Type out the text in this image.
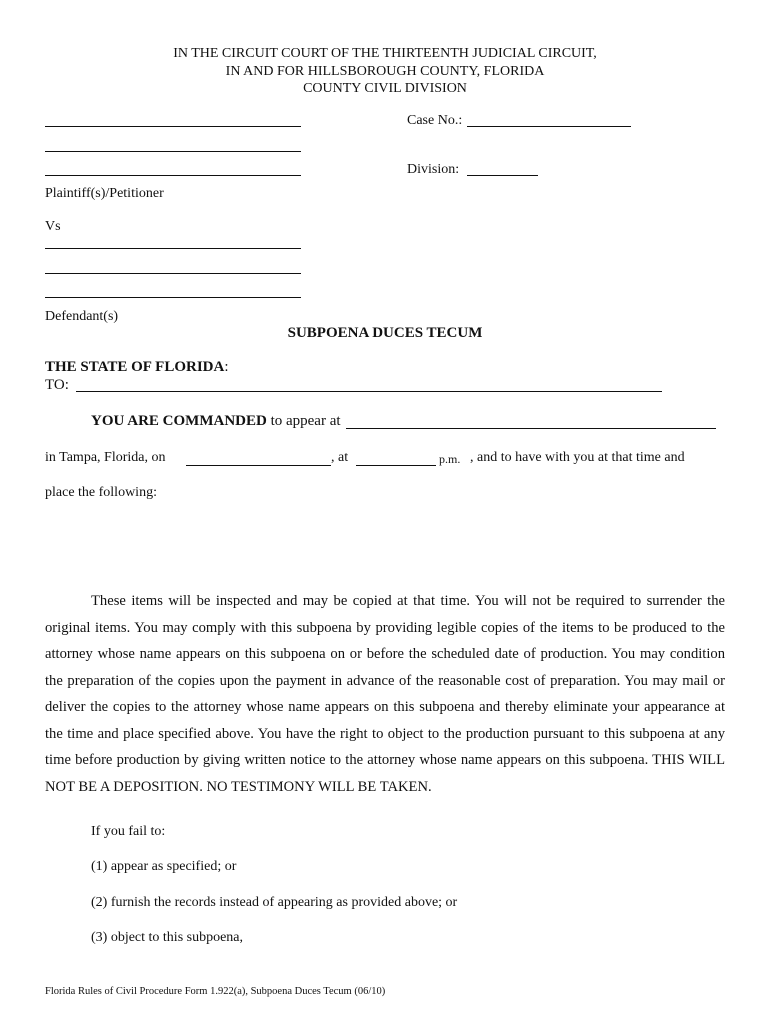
IN THE CIRCUIT COURT OF THE THIRTEENTH JUDICIAL CIRCUIT,
IN AND FOR HILLSBOROUGH COUNTY, FLORIDA
COUNTY CIVIL DIVISION
Case No.:
Division:
Plaintiff(s)/Petitioner
Vs
Defendant(s)
SUBPOENA DUCES TECUM
THE STATE OF FLORIDA:
TO:
YOU ARE COMMANDED to appear at
in Tampa, Florida, on	, at	p.m. , and to have with you at that time and
place the following:
These items will be inspected and may be copied at that time. You will not be required to surrender the original items. You may comply with this subpoena by providing legible copies of the items to be produced to the attorney whose name appears on this subpoena on or before the scheduled date of production. You may condition the preparation of the copies upon the payment in advance of the reasonable cost of preparation. You may mail or deliver the copies to the attorney whose name appears on this subpoena and thereby eliminate your appearance at the time and place specified above. You have the right to object to the production pursuant to this subpoena at any time before production by giving written notice to the attorney whose name appears on this subpoena. THIS WILL NOT BE A DEPOSITION. NO TESTIMONY WILL BE TAKEN.
If you fail to:
(1) appear as specified; or
(2) furnish the records instead of appearing as provided above; or
(3) object to this subpoena,
Florida Rules of Civil Procedure Form 1.922(a), Subpoena Duces Tecum (06/10)
